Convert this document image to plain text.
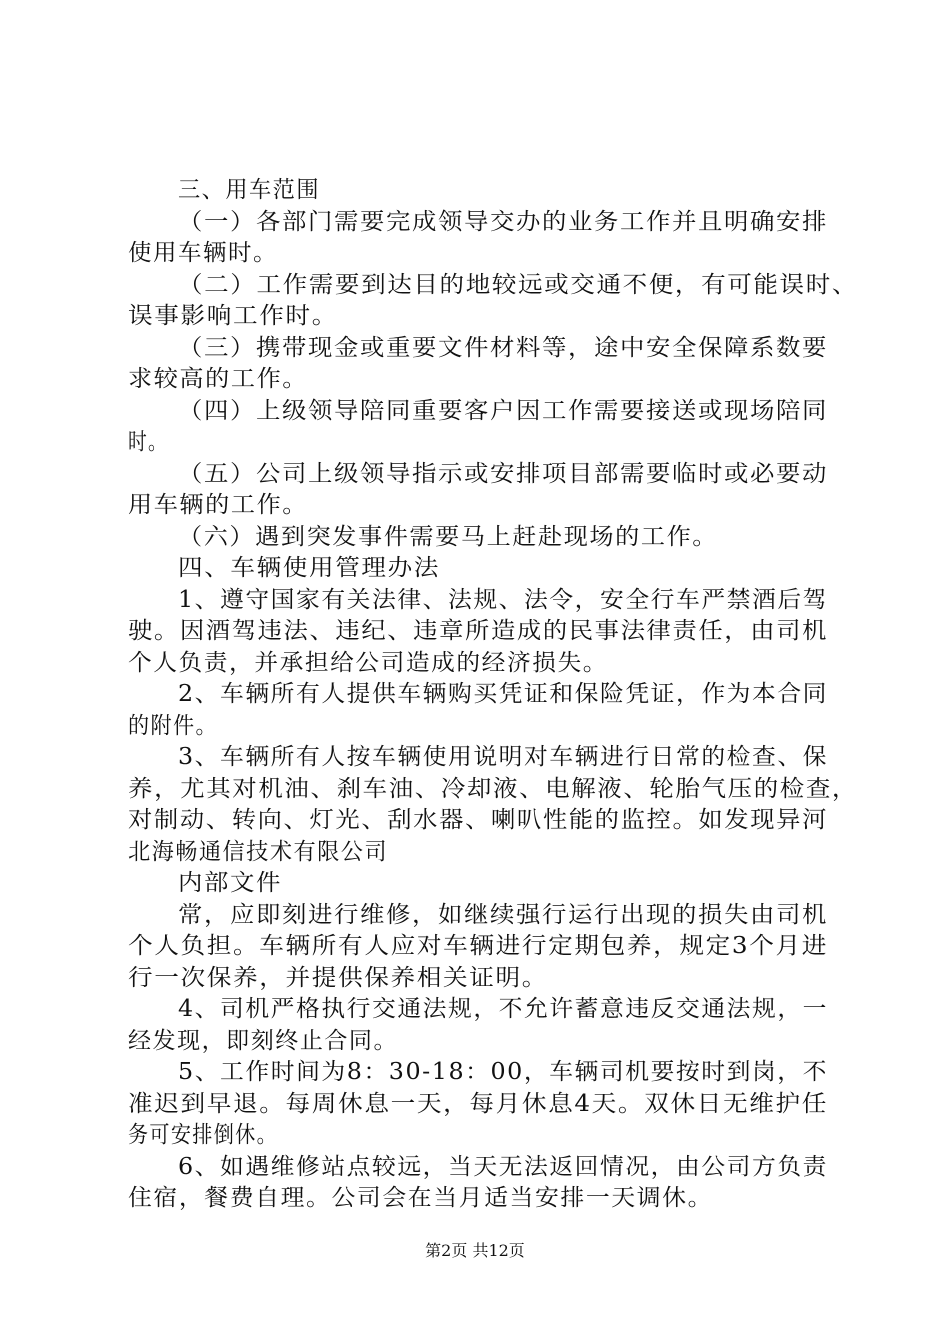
三、用车范围
（一）各部门需要完成领导交办的业务工作并且明确安排
使用车辆时。
（二）工作需要到达目的地较远或交通不便，有可能误时、
误事影响工作时。
（三）携带现金或重要文件材料等，途中安全保障系数要
求较高的工作。
（四）上级领导陪同重要客户因工作需要接送或现场陪同
时。
（五）公司上级领导指示或安排项目部需要临时或必要动
用车辆的工作。
（六）遇到突发事件需要马上赶赴现场的工作。
四、车辆使用管理办法
1、遵守国家有关法律、法规、法令，安全行车严禁酒后驾
驶。因酒驾违法、违纪、违章所造成的民事法律责任，由司机
个人负责，并承担给公司造成的经济损失。
2、车辆所有人提供车辆购买凭证和保险凭证，作为本合同
的附件。
3、车辆所有人按车辆使用说明对车辆进行日常的检查、保
养，尤其对机油、刹车油、冷却液、电解液、轮胎气压的检查，
对制动、转向、灯光、刮水器、喇叭性能的监控。如发现异河
北海畅通信技术有限公司
内部文件
常，应即刻进行维修，如继续强行运行出现的损失由司机
个人负担。车辆所有人应对车辆进行定期包养，规定3个月进
行一次保养，并提供保养相关证明。
4、司机严格执行交通法规，不允许蓄意违反交通法规，一
经发现，即刻终止合同。
5、工作时间为8：30-18：00，车辆司机要按时到岗，不
准迟到早退。每周休息一天，每月休息4天。双休日无维护任
务可安排倒休。
6、如遇维修站点较远，当天无法返回情况，由公司方负责
住宿，餐费自理。公司会在当月适当安排一天调休。
第2页 共12页
